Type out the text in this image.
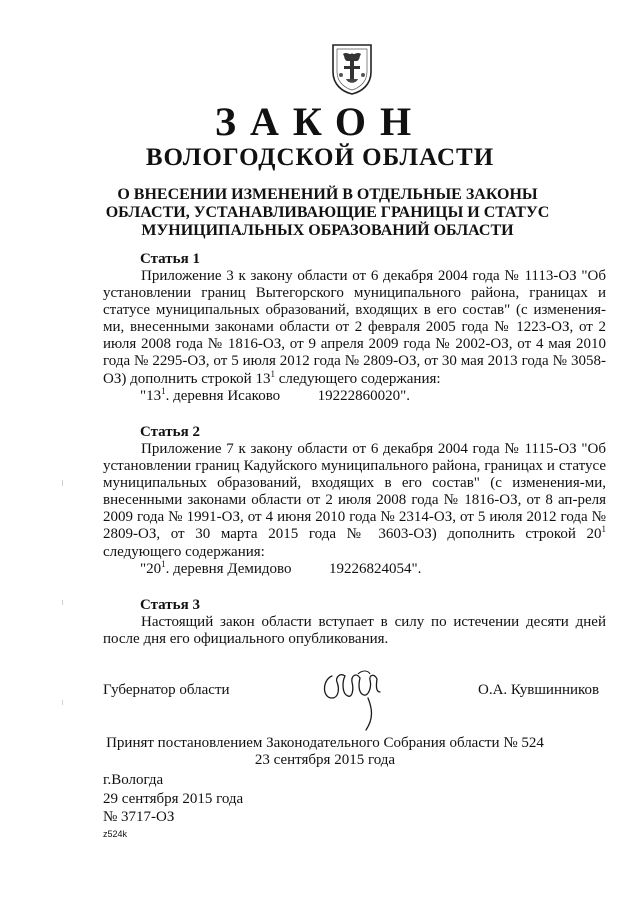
ЗАКОН
ВОЛОГОДСКОЙ ОБЛАСТИ
О ВНЕСЕНИИ ИЗМЕНЕНИЙ В ОТДЕЛЬНЫЕ ЗАКОНЫ ОБЛАСТИ, УСТАНАВЛИВАЮЩИЕ ГРАНИЦЫ И СТАТУС МУНИЦИПАЛЬНЫХ ОБРАЗОВАНИЙ ОБЛАСТИ
Статья 1

Приложение 3 к закону области от 6 декабря 2004 года № 1113-ОЗ "Об установлении границ Вытегорского муниципального района, границах и статусе муниципальных образований, входящих в его состав" (с изменения-ми, внесенными законами области от 2 февраля 2005 года № 1223-ОЗ, от 2 июля 2008 года № 1816-ОЗ, от 9 апреля 2009 года № 2002-ОЗ, от 4 мая 2010 года № 2295-ОЗ, от 5 июля 2012 года № 2809-ОЗ, от 30 мая 2013 года № 3058-ОЗ) дополнить строкой $13^1$ следующего содержания:

"$13^1$. деревня Исаково          19222860020".
Статья 2

Приложение 7 к закону области от 6 декабря 2004 года № 1115-ОЗ "Об установлении границ Кадуйского муниципального района, границах и статусе муниципальных образований, входящих в его состав" (с изменения-ми, внесенными законами области от 2 июля 2008 года № 1816-ОЗ, от 8 ап-реля 2009 года № 1991-ОЗ, от 4 июня 2010 года № 2314-ОЗ, от 5 июля 2012 года № 2809-ОЗ, от 30 марта 2015 года № 3603-ОЗ) дополнить строкой $20^1$ следующего содержания:

"$20^1$. деревня Демидово          19226824054".
Статья 3

Настоящий закон области вступает в силу по истечении десяти дней после дня его официального опубликования.

Губернатор области	О.А. Кувшинников
Принят постановлением Законодательного Собрания области № 524
23 сентября 2015 года
г.Вологда
29 сентября 2015 года
№ 3717-ОЗ
z524k
